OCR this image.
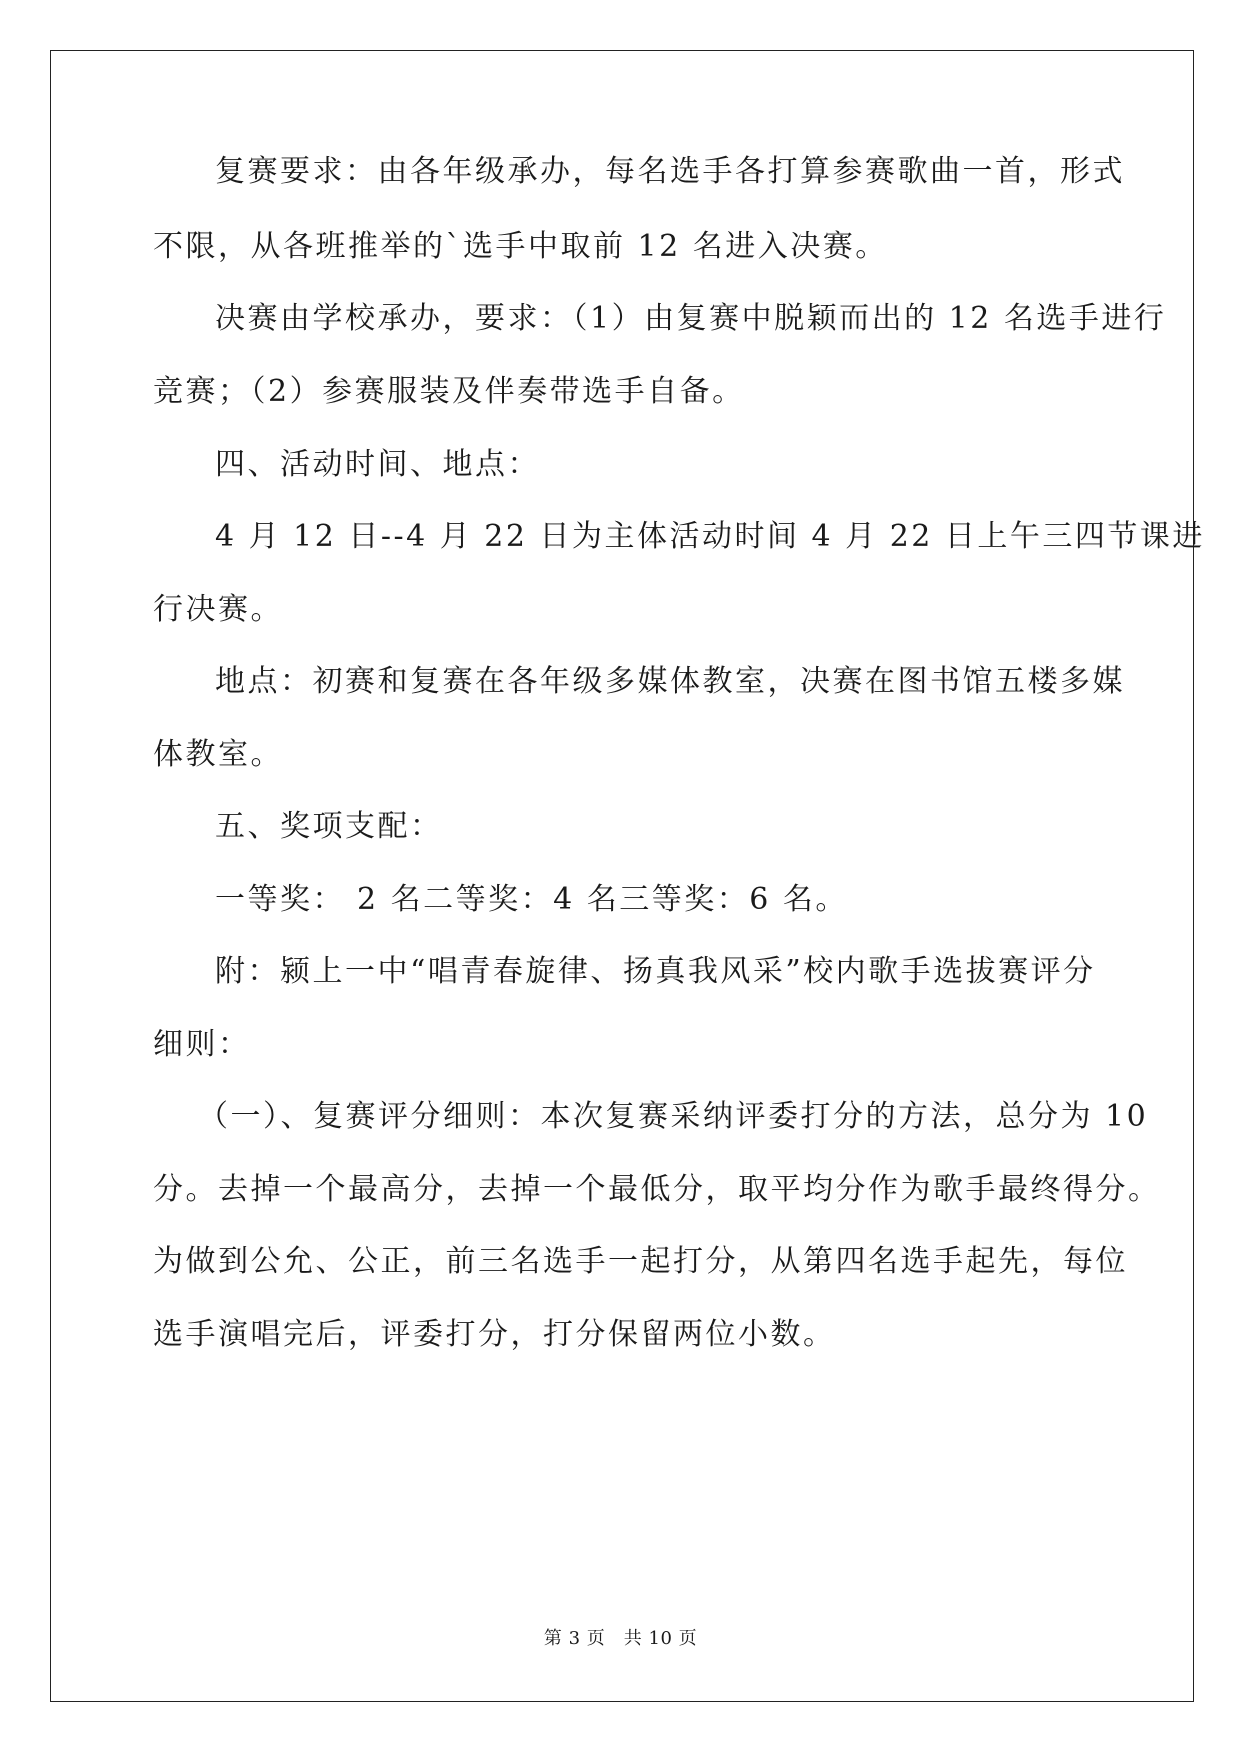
复赛要求：由各年级承办，每名选手各打算参赛歌曲一首，形式
不限，从各班推举的`选手中取前 12 名进入决赛。
决赛由学校承办，要求：（1）由复赛中脱颖而出的 12 名选手进行
竞赛；（2）参赛服装及伴奏带选手自备。
四、活动时间、地点：
4 月 12 日--4 月 22 日为主体活动时间 4 月 22 日上午三四节课进
行决赛。
地点：初赛和复赛在各年级多媒体教室，决赛在图书馆五楼多媒
体教室。
五、奖项支配：
一等奖： 2 名二等奖：4 名三等奖：6 名。
附：颍上一中“唱青春旋律、扬真我风采”校内歌手选拔赛评分
细则：
（一）、复赛评分细则：本次复赛采纳评委打分的方法，总分为 10
分。去掉一个最高分，去掉一个最低分，取平均分作为歌手最终得分。
为做到公允、公正，前三名选手一起打分，从第四名选手起先，每位
选手演唱完后，评委打分，打分保留两位小数。
第 3 页　共 10 页
